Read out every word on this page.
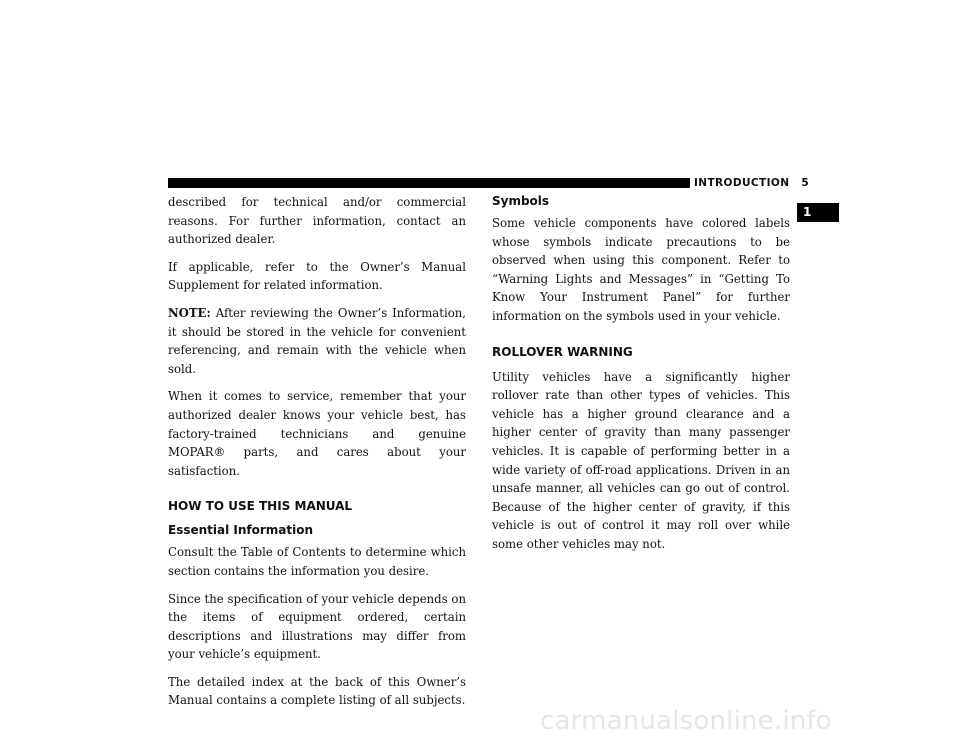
INTRODUCTION 5
1

described for technical and/or commercial reasons. For further information, contact an authorized dealer.

If applicable, refer to the Owner’s Manual Supplement for related information.

NOTE: After reviewing the Owner’s Information, it should be stored in the vehicle for convenient referencing, and remain with the vehicle when sold.

When it comes to service, remember that your authorized dealer knows your vehicle best, has factory-trained technicians and genuine MOPAR® parts, and cares about your satisfaction.

HOW TO USE THIS MANUAL
Essential Information

Consult the Table of Contents to determine which section contains the information you desire.

Since the specification of your vehicle depends on the items of equipment ordered, certain descriptions and illustrations may differ from your vehicle’s equipment.

The detailed index at the back of this Owner’s Manual contains a complete listing of all subjects.

Symbols

Some vehicle components have colored labels whose symbols indicate precautions to be observed when using this component. Refer to “Warning Lights and Messages” in “Getting To Know Your Instrument Panel” for further information on the symbols used in your vehicle.

ROLLOVER WARNING

Utility vehicles have a significantly higher rollover rate than other types of vehicles. This vehicle has a higher ground clearance and a higher center of gravity than many passenger vehicles. It is capable of performing better in a wide variety of off-road applications. Driven in an unsafe manner, all vehicles can go out of control. Because of the higher center of gravity, if this vehicle is out of control it may roll over while some other vehicles may not.

carmanualsonline.info
